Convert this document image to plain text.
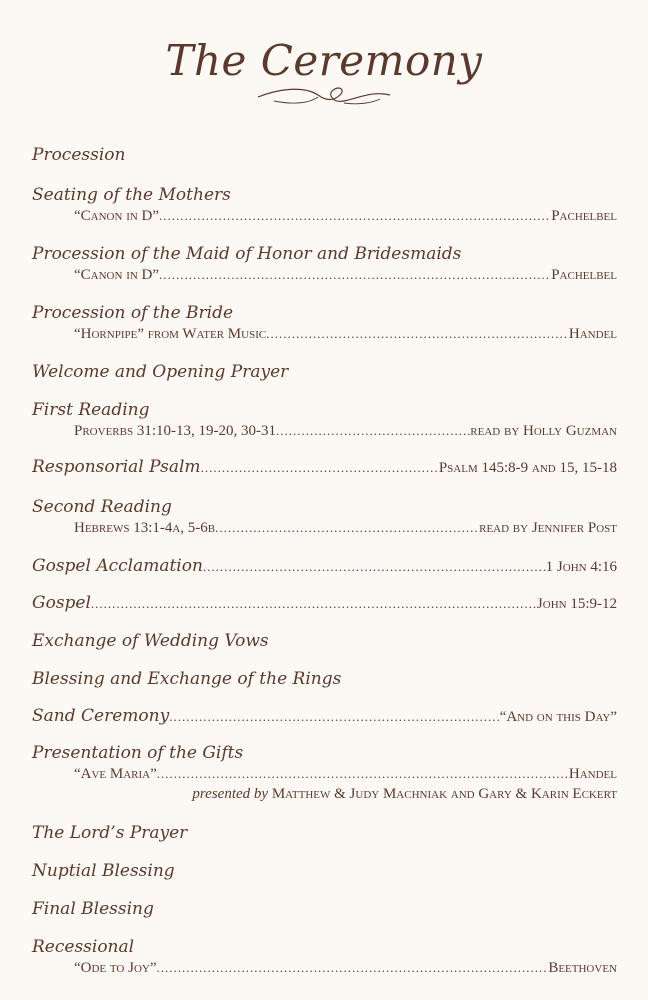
The Ceremony
Procession
Seating of the Mothers
“Canon in D” .....	Pachelbel
Procession of the Maid of Honor and Bridesmaids
“Canon in D” .....	Pachelbel
Procession of the Bride
“Hornpipe” from Water Music .....	Handel
Welcome and Opening Prayer
First Reading
Proverbs 31:10-13, 19-20, 30-31 .....	read by Holly Guzman
Responsorial Psalm .....	Psalm 145:8-9 and 15, 15-18
Second Reading
Hebrews 13:1-4a, 5-6b .....	read by Jennifer Post
Gospel Acclamation .....	1 John 4:16
Gospel .....	John 15:9-12
Exchange of Wedding Vows
Blessing and Exchange of the Rings
Sand Ceremony .....	“And on this Day”
Presentation of the Gifts
“Ave Maria” .....	Handel
presented by Matthew & Judy Machniak and Gary & Karin Eckert
The Lord’s Prayer
Nuptial Blessing
Final Blessing
Recessional
“Ode to Joy” .....	Beethoven
